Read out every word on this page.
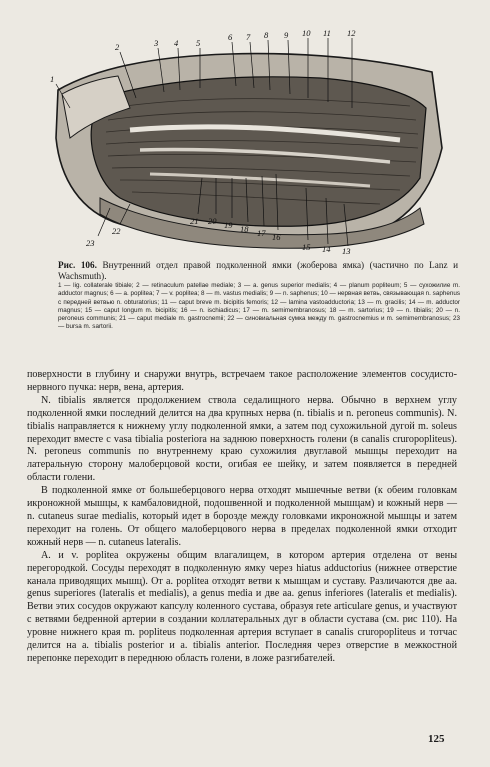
2	3 4 5
6 7 8 9 10 11 12
1
21 20 19 18 17 16
23
22
15 14 13
Рис. 106. Внутренний отдел правой подколенной ямки (жоберова ямка) (частично по Lanz и Wachsmuth).
1 — lig. collaterale tibiale; 2 — retinaculum patellae mediale; 3 — a. genus superior medialis; 4 — planum popliteum; 5 — сухожилие m. adductor magnus; 6 — a. poplitea; 7 — v. poplitea; 8 — m. vastus medialis; 9 — n. saphenus; 10 — нервная ветвь, связывающая n. saphenus с передней ветвью n. obturatorius; 11 — caput breve m. bicipitis femoris; 12 — lamina vastoadductoria; 13 — m. gracilis; 14 — m. adductor magnus; 15 — caput longum m. bicipitis; 16 — n. ischiadicus; 17 — m. semimembranosus; 18 — m. sartorius; 19 — n. tibialis; 20 — n. peroneus communis; 21 — caput mediale m. gastrocnemii; 22 — синовиальная сумка между m. gastrocnemius и m. semimembranosus; 23 — bursa m. sartorii.

поверхности в глубину и снаружи внутрь, встречаем такое расположение элементов сосудисто-нервного пучка: нерв, вена, артерия.

N. tibialis является продолжением ствола седалищного нерва. Обычно в верхнем углу подколенной ямки последний делится на два крупных нерва (n. tibialis и n. peroneus communis). N. tibialis направляется к нижнему углу подколенной ямки, а затем под сухожильной дугой m. soleus переходит вместе с vasa tibialia posteriora на заднюю поверхность голени (в canalis cruropopliteus). N. peroneus communis по внутреннему краю сухожилия двуглавой мышцы переходит на латеральную сторону малоберцовой кости, огибая ее шейку, и затем появляется в передней области голени.

В подколенной ямке от большеберцового нерва отходят мышечные ветви (к обеим головкам икроножной мышцы, к камбаловидной, подошвенной и подколенной мышцам) и кожный нерв — n. cutaneus surae medialis, который идет в борозде между головками икроножной мышцы и затем переходит на голень. От общего малоберцового нерва в пределах подколенной ямки отходит кожный нерв — n. cutaneus lateralis.

A. и v. poplitea окружены общим влагалищем, в котором артерия отделена от вены перегородкой. Сосуды переходят в подколенную ямку через hiatus adductorius (нижнее отверстие канала приводящих мышц). От a. poplitea отходят ветви к мышцам и суставу. Различаются две aa. genus superiores (lateralis et medialis), a genus media и две aa. genus inferiores (lateralis et medialis). Ветви этих сосудов окружают капсулу коленного сустава, образуя rete articulare genus, и участвуют с ветвями бедренной артерии в создании коллатеральных дуг в области сустава (см. рис 110). На уровне нижнего края m. popliteus подколенная артерия вступает в canalis cruropopliteus и тотчас делится на a. tibialis posterior и a. tibialis anterior. Последняя через отверстие в межкостной перепонке переходит в переднюю область голени, в ложе разгибателей.

125
